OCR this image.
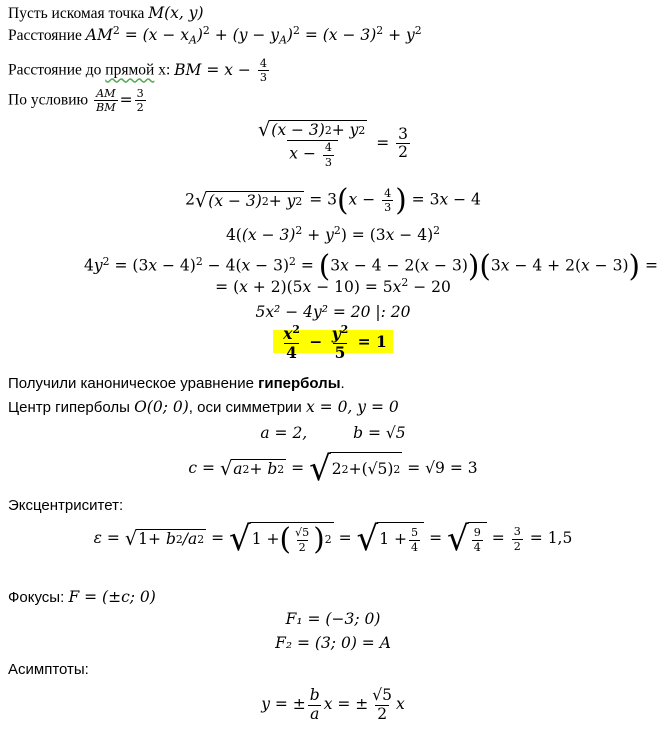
Пусть искомая точка M(x, y)
Расстояние $AM^2 = (x - x_A)^2 + (y - y_A)^2 = (x - 3)^2 + y^2$
Расстояние до прямой x: BM = $x - \frac{4}{3}$
По условию $\frac{AM}{BM} = \frac{3}{2}$
$\frac{√ (x - 3) 2 + y 2}{x - \frac{4}{3}} = \frac{3}{2}$
2 √ (x − 3) 2 + y $2 = 3(x - \frac{4}{3}$ ) = 3x − 4
$4((x - 3)^2 + y^2) = (3x - 4)^2$
$4y^2 = (3x - 4)^2 - 4(x - 3)^2 = (3x - 4 - 2(x - 3))(3x - 4 + 2(x - 3))$ =
= $(x + 2)(5x - 10) = 5x^2 - 20$
5x² − 4y² = 20 |: 20
$\frac{x^2}{4} - \frac{y^2}{5} = 1$
Получили каноническое уравнение гиперболы.
Центр гиперболы O(0; 0), оси симметрии x = 0, y = 0
a = 2,	b = √5
c = √ a 2 + b 2 = √ 2 2 + (√5) 2 = √9 = 3
Эксцентриситет:
ε = √ 1 + b 2 /a 2 = √ 1 + ( $\frac{√5}{2}$ ) 2 = √ $1 + \frac{5}{4}$ = √ $\frac{9}{4} = \frac{3}{2} = 1,5$
Фокусы: F = (±c; 0)
F₁ = (−3; 0)
F₂ = (3; 0) = A
Асимптоты:
y = ± $\frac{b}{a}$ x = ± $\frac{√5}{2}$ x
